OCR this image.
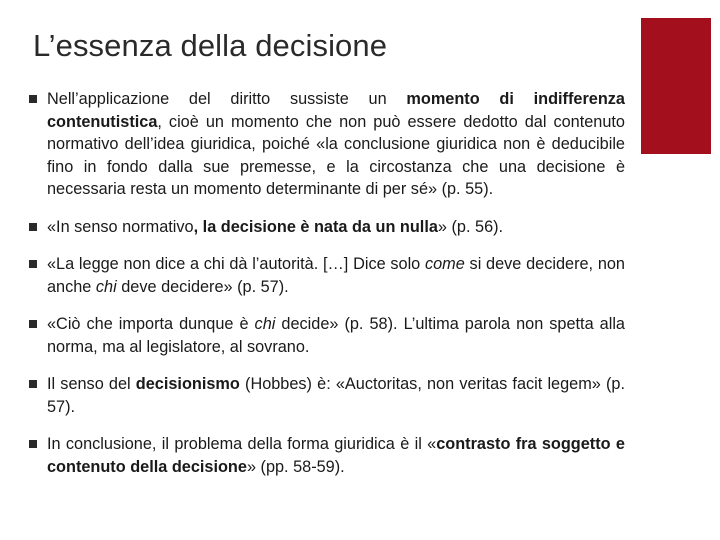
L’essenza della decisione
Nell’applicazione del diritto sussiste un momento di indifferenza contenutistica, cioè un momento che non può essere dedotto dal contenuto normativo dell’idea giuridica, poiché «la conclusione giuridica non è deducibile fino in fondo dalla sue premesse, e la circostanza che una decisione è necessaria resta un momento determinante di per sé» (p. 55).
«In senso normativo, la decisione è nata da un nulla» (p. 56).
«La legge non dice a chi dà l’autorità. […] Dice solo come si deve decidere, non anche chi deve decidere» (p. 57).
«Ciò che importa dunque è chi decide» (p. 58). L’ultima parola non spetta alla norma, ma al legislatore, al sovrano.
Il senso del decisionismo (Hobbes) è: «Auctoritas, non veritas facit legem» (p. 57).
In conclusione, il problema della forma giuridica è il «contrasto fra soggetto e contenuto della decisione» (pp. 58-59).
